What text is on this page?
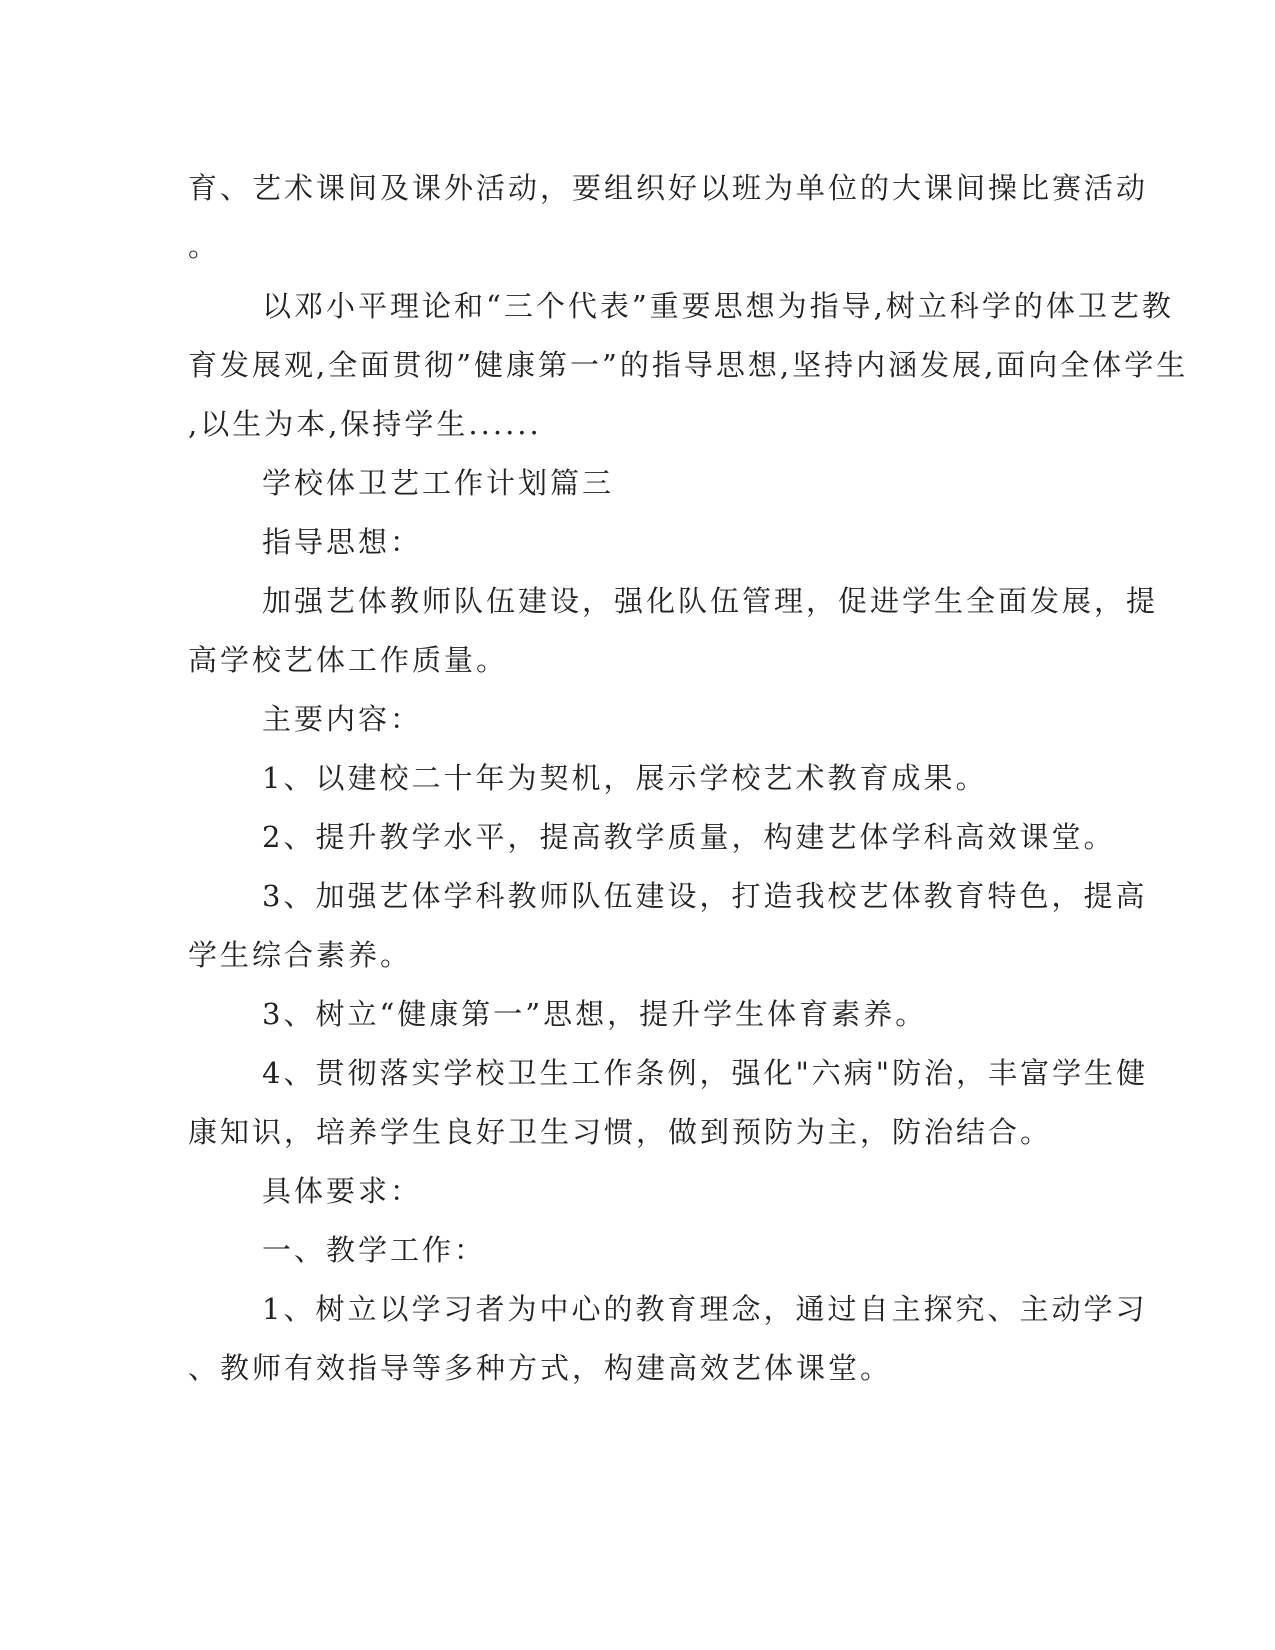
育、艺术课间及课外活动，要组织好以班为单位的大课间操比赛活动

。

以邓小平理论和“三个代表”重要思想为指导,树立科学的体卫艺教

育发展观,全面贯彻”健康第一”的指导思想,坚持内涵发展,面向全体学生

,以生为本,保持学生......

学校体卫艺工作计划篇三

指导思想：

加强艺体教师队伍建设，强化队伍管理，促进学生全面发展，提

高学校艺体工作质量。

主要内容：

1、以建校二十年为契机，展示学校艺术教育成果。

2、提升教学水平，提高教学质量，构建艺体学科高效课堂。

3、加强艺体学科教师队伍建设，打造我校艺体教育特色，提高

学生综合素养。

3、树立“健康第一”思想，提升学生体育素养。

4、贯彻落实学校卫生工作条例，强化"六病"防治，丰富学生健

康知识，培养学生良好卫生习惯，做到预防为主，防治结合。

具体要求：

一、教学工作：

1、树立以学习者为中心的教育理念，通过自主探究、主动学习

、教师有效指导等多种方式，构建高效艺体课堂。
